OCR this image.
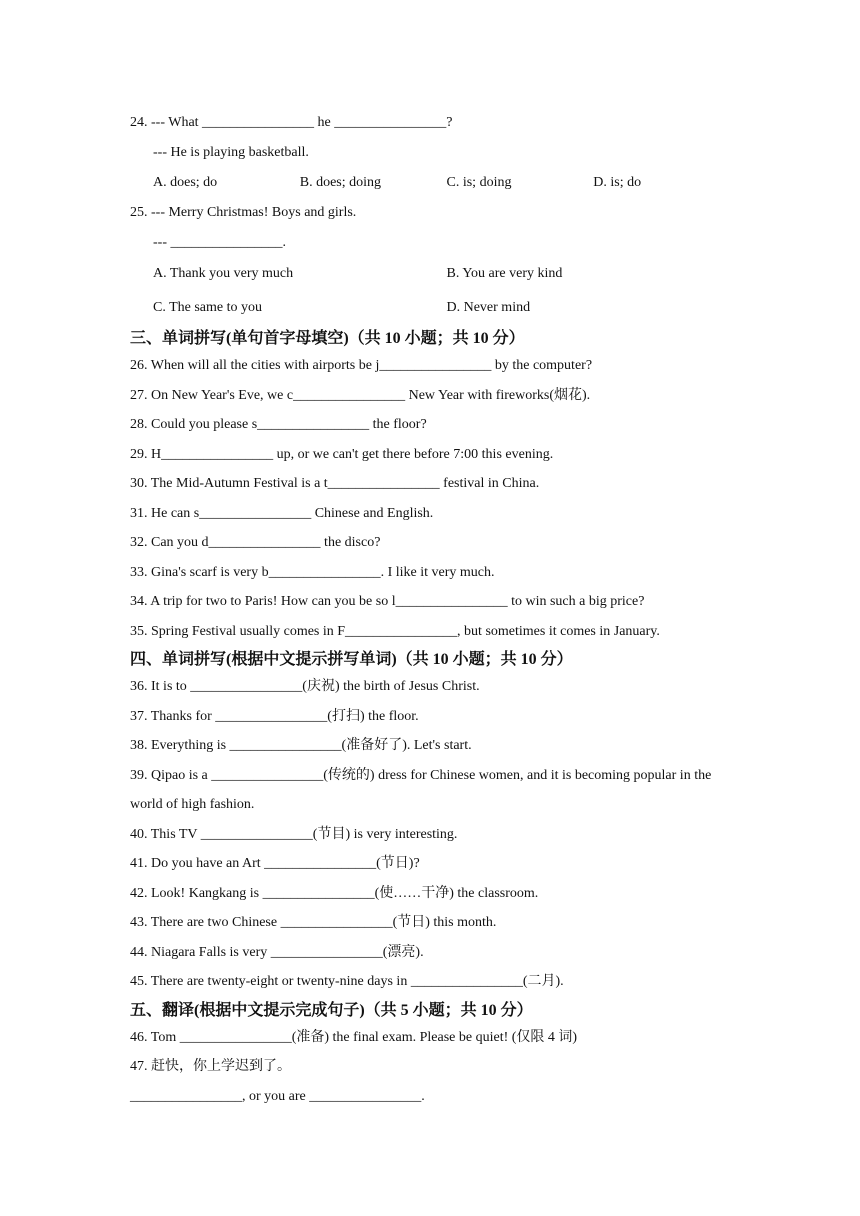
24. --- What ________________ he ________________?
--- He is playing basketball.
A. does; do	B. does; doing	C. is; doing	D. is; do
25. --- Merry Christmas! Boys and girls.
--- ________________.
A. Thank you very much	B. You are very kind
C. The same to you	D. Never mind
三、单词拼写(单句首字母填空)（共 10 小题；共 10 分）
26. When will all the cities with airports be j________________ by the computer?
27. On New Year's Eve, we c________________ New Year with fireworks(烟花).
28. Could you please s________________ the floor?
29. H________________ up, or we can't get there before 7:00 this evening.
30. The Mid-Autumn Festival is a t________________ festival in China.
31. He can s________________ Chinese and English.
32. Can you d________________ the disco?
33. Gina's scarf is very b________________. I like it very much.
34. A trip for two to Paris! How can you be so l________________ to win such a big price?
35. Spring Festival usually comes in F________________, but sometimes it comes in January.
四、单词拼写(根据中文提示拼写单词)（共 10 小题；共 10 分）
36. It is to ________________(庆祝) the birth of Jesus Christ.
37. Thanks for ________________(打扫) the floor.
38. Everything is ________________(准备好了). Let's start.
39. Qipao is a ________________(传统的) dress for Chinese women, and it is becoming popular in the world of high fashion.
40. This TV ________________(节目) is very interesting.
41. Do you have an Art ________________(节日)?
42. Look! Kangkang is ________________(使……干净) the classroom.
43. There are two Chinese ________________(节日) this month.
44. Niagara Falls is very ________________(漂亮).
45. There are twenty-eight or twenty-nine days in ________________(二月).
五、翻译(根据中文提示完成句子)（共 5 小题；共 10 分）
46. Tom ________________(准备) the final exam. Please be quiet! (仅限 4 词)
47. 赶快，你上学迟到了。
________________, or you are ________________.
